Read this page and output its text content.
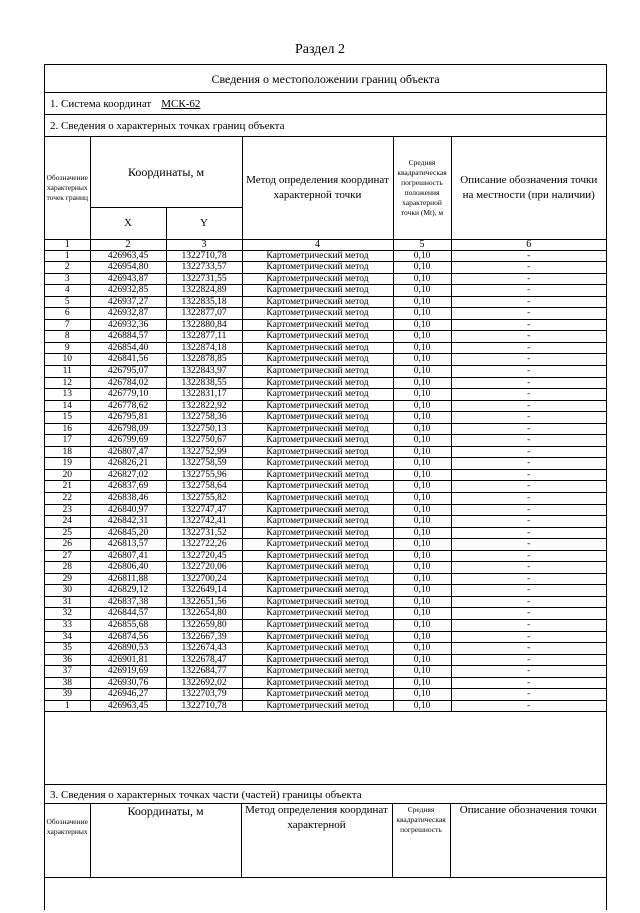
Раздел 2
Сведения о местоположении границ объекта
1. Система координат МСК-62
2. Сведения о характерных точках границ объекта
Обозначение характерных точек границ	Координаты, м		Метод определения координат характерной точки	Средняя квадратическая погрешность положения характерной точки (Mt), м	Описание обозначения точки на местности (при наличии)
	X	Y			
1	2	3	4	5	6
1	426963,45	1322710,78	Картометрический метод	0,10	-
2	426954,80	1322733,57	Картометрический метод	0,10	-
3	426943,87	1322731,55	Картометрический метод	0,10	-
4	426932,85	1322824,89	Картометрический метод	0,10	-
5	426937,27	1322835,18	Картометрический метод	0,10	-
6	426932,87	1322877,07	Картометрический метод	0,10	-
7	426932,36	1322880,84	Картометрический метод	0,10	-
8	426884,57	1322877,11	Картометрический метод	0,10	-
9	426854,40	1322874,18	Картометрический метод	0,10	-
10	426841,56	1322878,85	Картометрический метод	0,10	-
11	426795,07	1322843,97	Картометрический метод	0,10	-
12	426784,02	1322838,55	Картометрический метод	0,10	-
13	426779,10	1322831,17	Картометрический метод	0,10	-
14	426778,62	1322822,92	Картометрический метод	0,10	-
15	426795,81	1322758,36	Картометрический метод	0,10	-
16	426798,09	1322750,13	Картометрический метод	0,10	-
17	426799,69	1322750,67	Картометрический метод	0,10	-
18	426807,47	1322752,99	Картометрический метод	0,10	-
19	426826,21	1322758,59	Картометрический метод	0,10	-
20	426827,02	1322755,96	Картометрический метод	0,10	-
21	426837,69	1322758,64	Картометрический метод	0,10	-
22	426838,46	1322755,82	Картометрический метод	0,10	-
23	426840,97	1322747,47	Картометрический метод	0,10	-
24	426842,31	1322742,41	Картометрический метод	0,10	-
25	426845,20	1322731,52	Картометрический метод	0,10	-
26	426813,57	1322722,26	Картометрический метод	0,10	-
27	426807,41	1322720,45	Картометрический метод	0,10	-
28	426806,40	1322720,06	Картометрический метод	0,10	-
29	426811,88	1322700,24	Картометрический метод	0,10	-
30	426829,12	1322649,14	Картометрический метод	0,10	-
31	426837,38	1322651,56	Картометрический метод	0,10	-
32	426844,57	1322654,80	Картометрический метод	0,10	-
33	426855,68	1322659,80	Картометрический метод	0,10	-
34	426874,56	1322667,39	Картометрический метод	0,10	-
35	426890,53	1322674,43	Картометрический метод	0,10	-
36	426901,81	1322678,47	Картометрический метод	0,10	-
37	426919,69	1322684,77	Картометрический метод	0,10	-
38	426930,76	1322692,02	Картометрический метод	0,10	-
39	426946,27	1322703,79	Картометрический метод	0,10	-
1	426963,45	1322710,78	Картометрический метод	0,10	-
3. Сведения о характерных точках части (частей) границы объекта
Обозначение характерных	Координаты, м	Метод определения координат характерной	Средняя квадратическая погрешность	Описание обозначения точки
